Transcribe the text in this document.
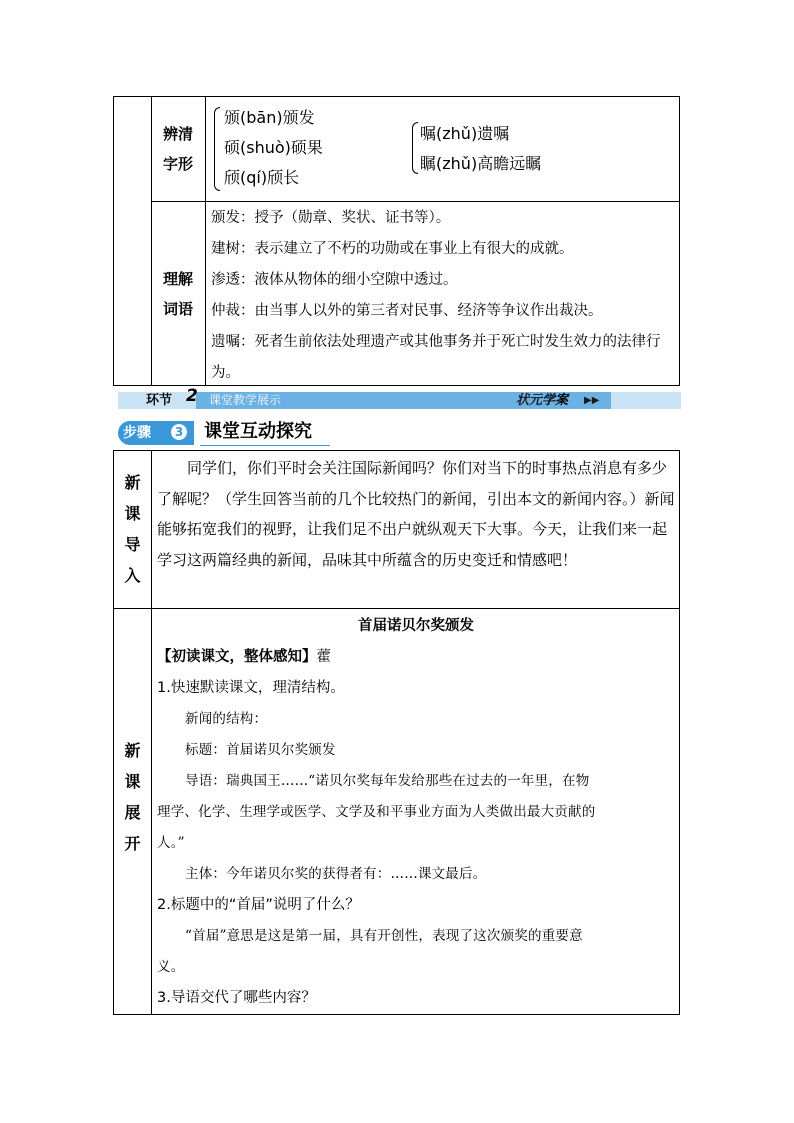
辨清
字形
颁(bān)颁发
硕(shuò)硕果
颀(qí)颀长
嘱(zhǔ)遗嘱
瞩(zhǔ)高瞻远瞩
理解
词语

颁发：授予（勋章、奖状、证书等）。

建树：表示建立了不朽的功勋或在事业上有很大的成就。

渗透：液体从物体的细小空隙中透过。

仲裁：由当事人以外的第三者对民事、经济等争议作出裁决。

遗嘱：死者生前依法处理遗产或其他事务并于死亡时发生效力的法律行为。

环节 2 课堂教学展示	状元学案 ▶▶
步骤	3 课堂互动探究
新
课
导
入
同学们，你们平时会关注国际新闻吗？你们对当下的时事热点消息有多少了解呢？（学生回答当前的几个比较热门的新闻，引出本文的新闻内容。）新闻能够拓宽我们的视野，让我们足不出户就纵观天下大事。今天，让我们来一起学习这两篇经典的新闻，品味其中所蕴含的历史变迁和情感吧！
新
课
展
开
首届诺贝尔奖颁发
【初读课文，整体感知】藿
1.快速默读课文，理清结构。
新闻的结构：
标题：首届诺贝尔奖颁发
导语：瑞典国王……“诺贝尔奖每年发给那些在过去的一年里，在物
理学、化学、生理学或医学、文学及和平事业方面为人类做出最大贡献的
人。”
主体：今年诺贝尔奖的获得者有：……课文最后。
2.标题中的“首届”说明了什么？
“首届”意思是这是第一届，具有开创性，表现了这次颁奖的重要意
义。
3.导语交代了哪些内容？
